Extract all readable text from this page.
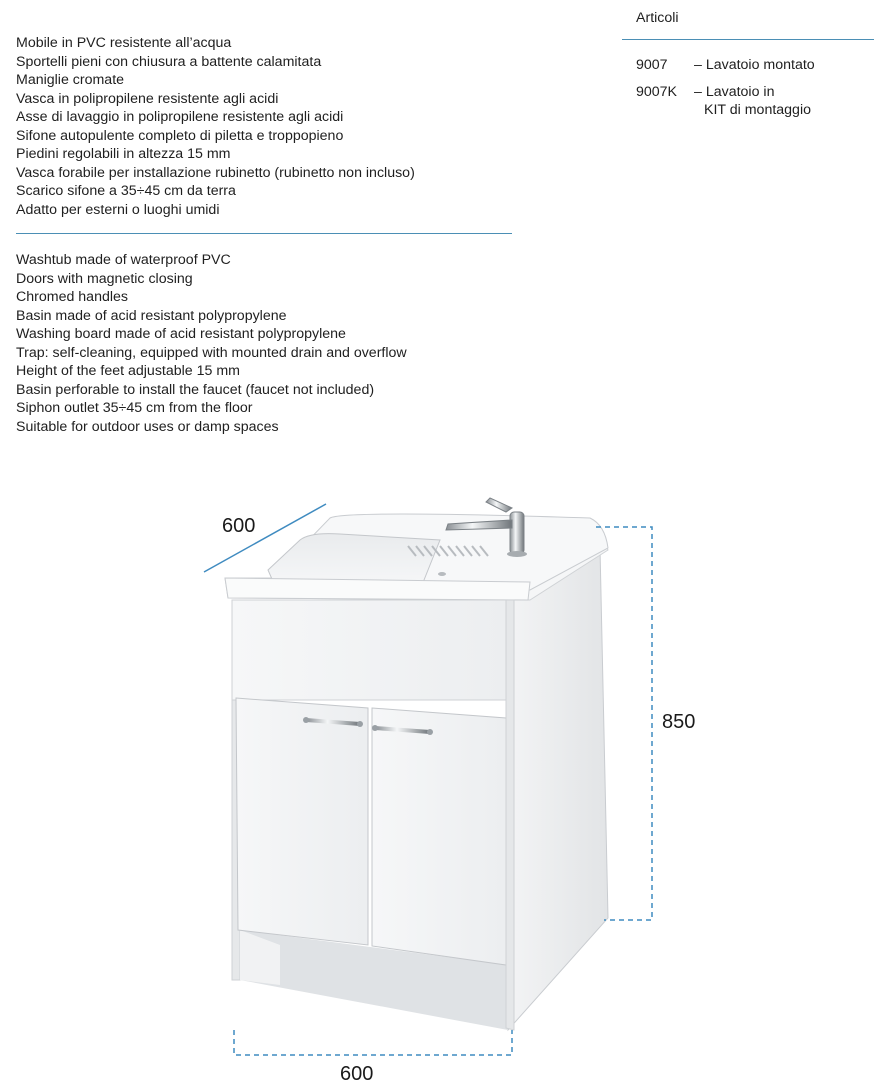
Mobile in PVC resistente all’acqua
Sportelli pieni con chiusura a battente calamitata
Maniglie cromate
Vasca in polipropilene resistente agli acidi
Asse di lavaggio in polipropilene resistente agli acidi
Sifone autopulente completo di piletta e troppopieno
Piedini regolabili in altezza 15 mm
Vasca forabile per installazione rubinetto (rubinetto non incluso)
Scarico sifone a 35÷45 cm da terra
Adatto per esterni o luoghi umidi
Washtub made of waterproof PVC
Doors with magnetic closing
Chromed handles
Basin made of acid resistant polypropylene
Washing board made of acid resistant polypropylene
Trap: self-cleaning, equipped with mounted drain and overflow
Height of the feet adjustable 15 mm
Basin perforable to install the faucet (faucet not included)
Siphon outlet 35÷45 cm from the floor
Suitable for outdoor uses or damp spaces
Articoli
9007 – Lavatoio montato
9007K – Lavatoio in
KIT di montaggio
600
850
600
